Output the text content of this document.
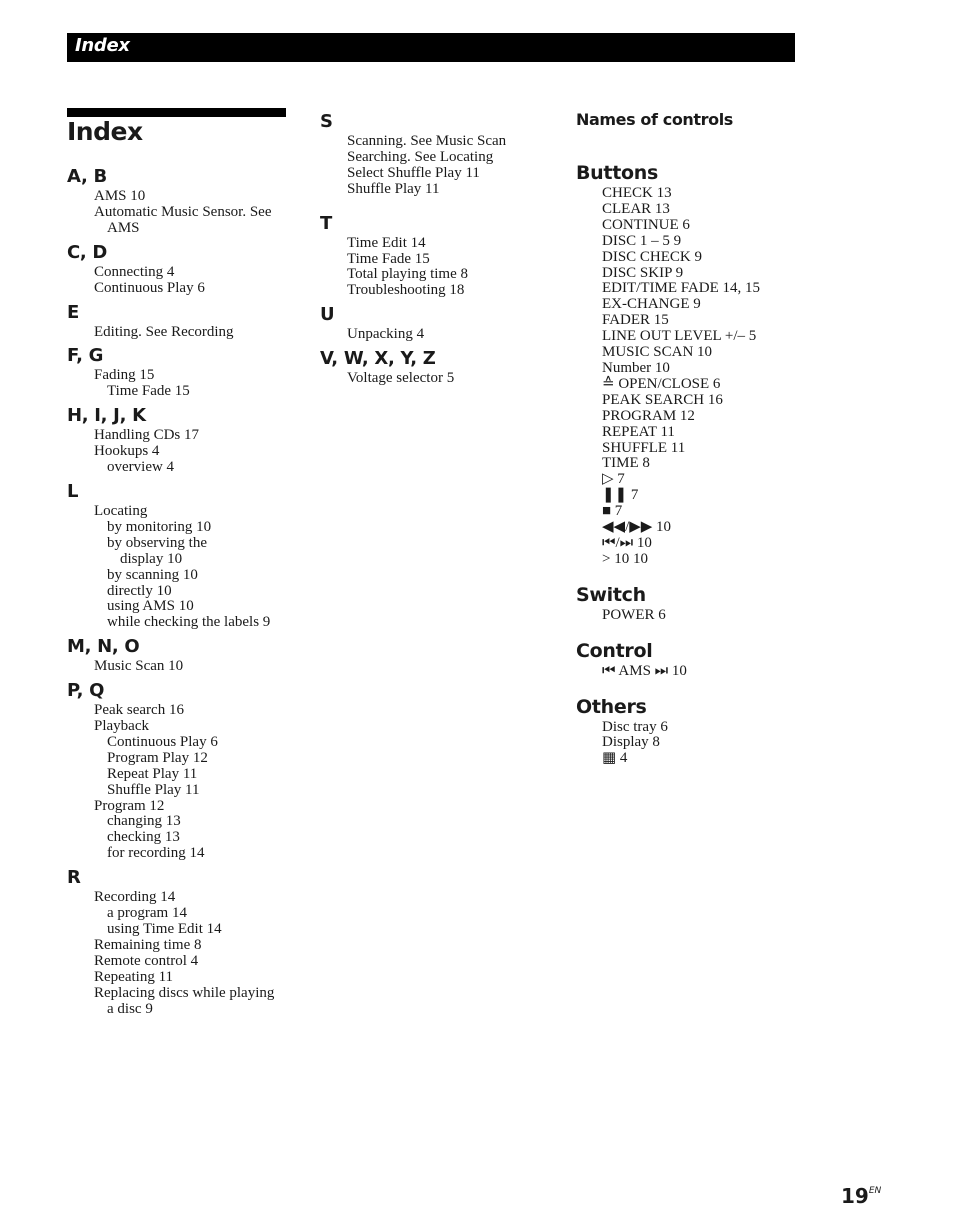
Index
Index
A, B
AMS 10
Automatic Music Sensor. See
AMS
C, D
Connecting 4
Continuous Play 6
E
Editing. See Recording
F, G
Fading 15
Time Fade 15
H, I, J, K
Handling CDs 17
Hookups 4
overview 4
L
Locating
by monitoring 10
by observing the
display 10
by scanning 10
directly 10
using AMS 10
while checking the labels 9
M, N, O
Music Scan 10
P, Q
Peak search 16
Playback
Continuous Play 6
Program Play 12
Repeat Play 11
Shuffle Play 11
Program 12
changing 13
checking 13
for recording 14
R
Recording 14
a program 14
using Time Edit 14
Remaining time 8
Remote control 4
Repeating 11
Replacing discs while playing
a disc 9
S
Scanning. See Music Scan
Searching. See Locating
Select Shuffle Play 11
Shuffle Play 11
T
Time Edit 14
Time Fade 15
Total playing time 8
Troubleshooting 18
U
Unpacking 4
V, W, X, Y, Z
Voltage selector 5
Names of controls
Buttons
CHECK 13
CLEAR 13
CONTINUE 6
DISC 1 – 5 9
DISC CHECK 9
DISC SKIP 9
EDIT/TIME FADE 14, 15
EX-CHANGE 9
FADER 15
LINE OUT LEVEL +/– 5
MUSIC SCAN 10
Number 10
≙ OPEN/CLOSE 6
PEAK SEARCH 16
PROGRAM 12
REPEAT 11
SHUFFLE 11
TIME 8
▷ 7
❚❚ 7
■ 7
◀◀/▶▶ 10
⏮/⏭ 10
> 10 10
Switch
POWER 6
Control
⏮ AMS ⏭ 10
Others
Disc tray 6
Display 8
▦ 4
$19^{EN}$
